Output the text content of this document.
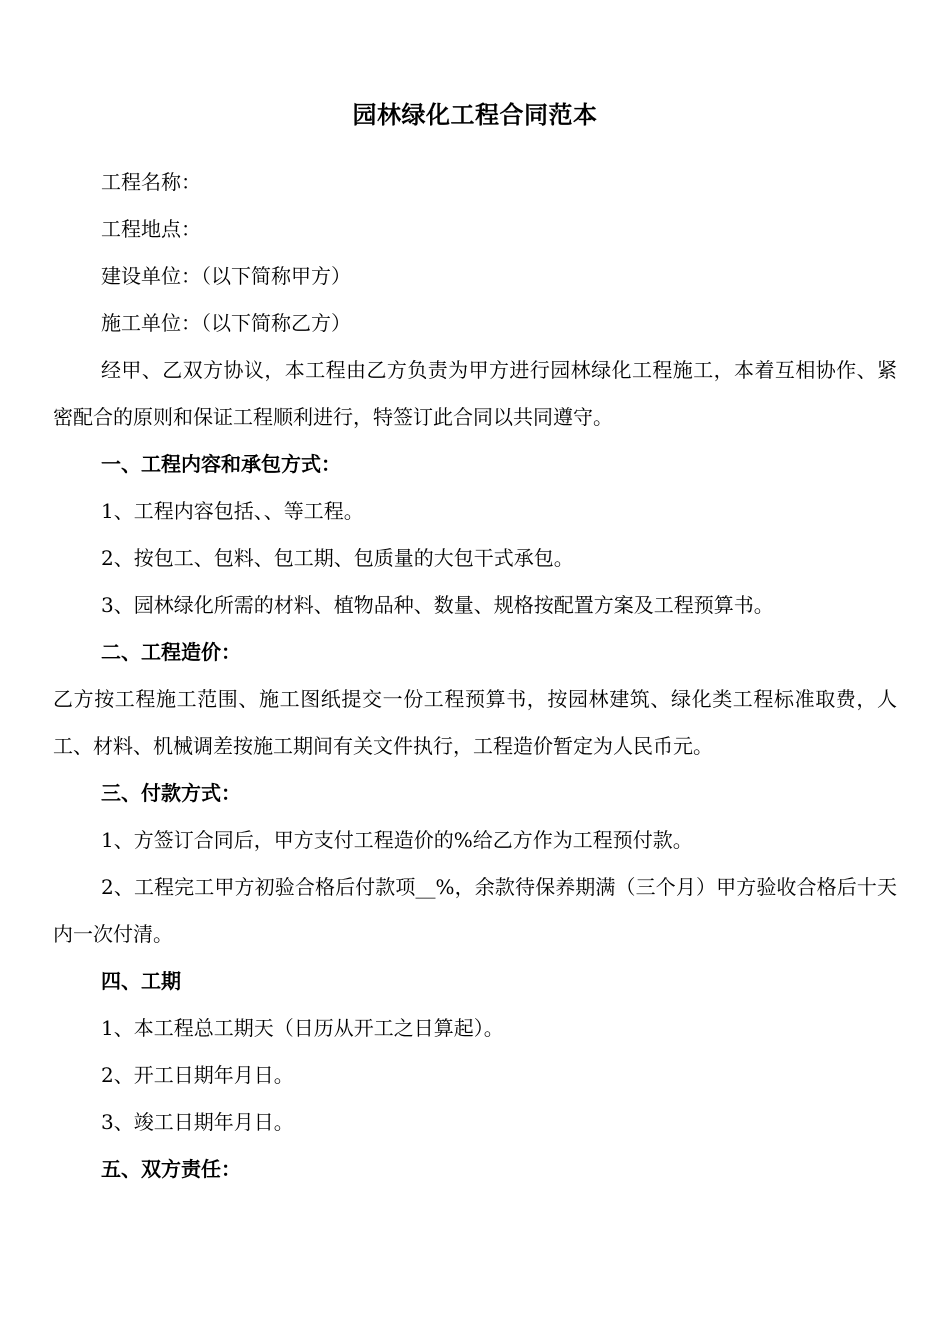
园林绿化工程合同范本

工程名称：

工程地点：

建设单位：（以下简称甲方）

施工单位：（以下简称乙方）

经甲、乙双方协议，本工程由乙方负责为甲方进行园林绿化工程施工，本着互相协作、紧密配合的原则和保证工程顺利进行，特签订此合同以共同遵守。

一、工程内容和承包方式：

1、工程内容包括、、等工程。

2、按包工、包料、包工期、包质量的大包干式承包。

3、园林绿化所需的材料、植物品种、数量、规格按配置方案及工程预算书。

二、工程造价：

乙方按工程施工范围、施工图纸提交一份工程预算书，按园林建筑、绿化类工程标准取费，人工、材料、机械调差按施工期间有关文件执行，工程造价暂定为人民币元。

三、付款方式：

1、方签订合同后，甲方支付工程造价的%给乙方作为工程预付款。

2、工程完工甲方初验合格后付款项__%，余款待保养期满（三个月）甲方验收合格后十天内一次付清。

四、工期

1、本工程总工期天（日历从开工之日算起）。

2、开工日期年月日。

3、竣工日期年月日。

五、双方责任：
